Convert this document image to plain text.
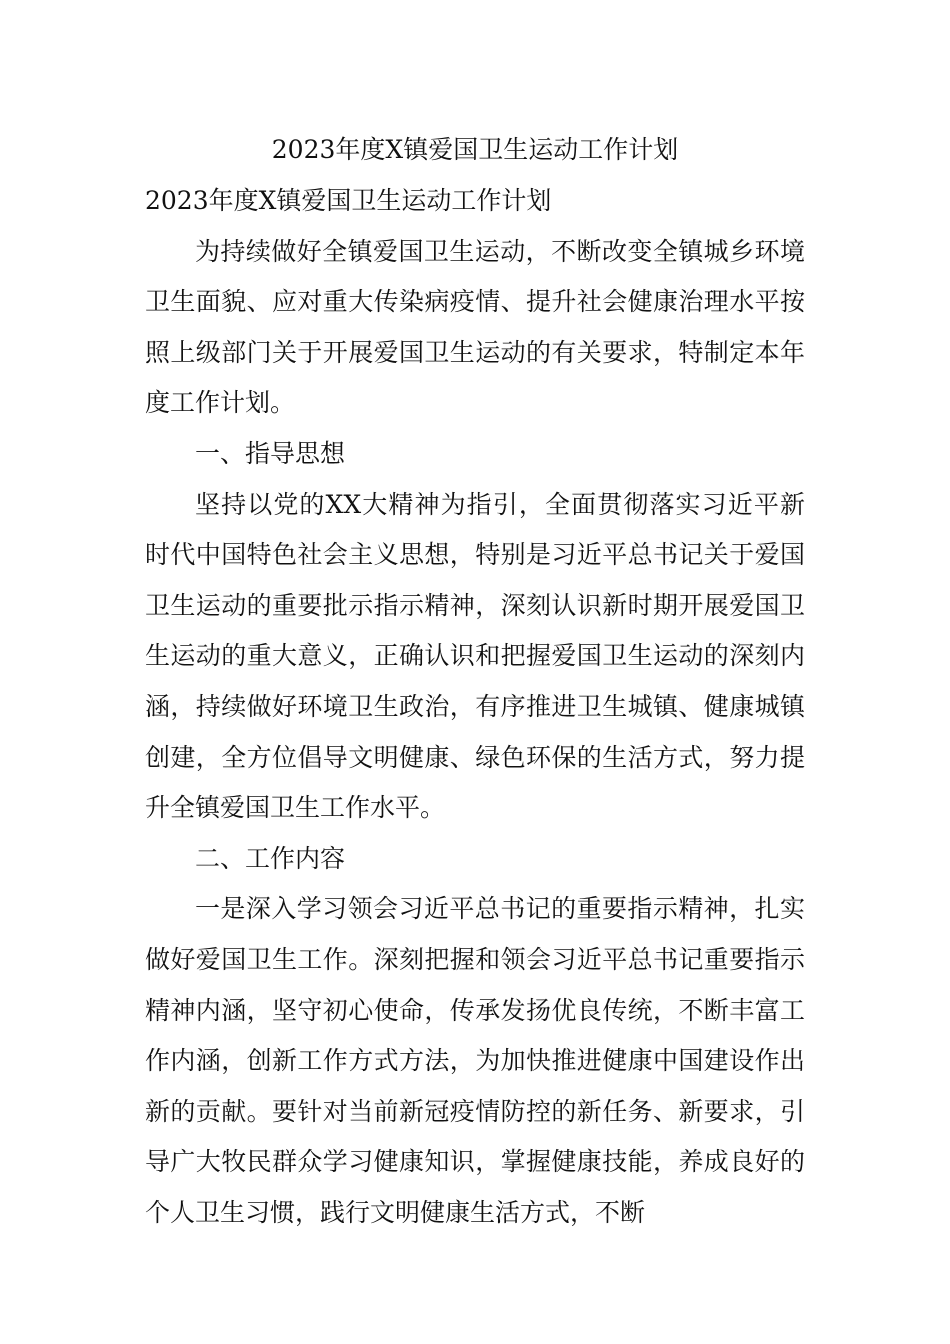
2023年度X镇爱国卫生运动工作计划

2023年度X镇爱国卫生运动工作计划

为持续做好全镇爱国卫生运动，不断改变全镇城乡环境卫生面貌、应对重大传染病疫情、提升社会健康治理水平按照上级部门关于开展爱国卫生运动的有关要求，特制定本年度工作计划。

一、指导思想

坚持以党的XX大精神为指引，全面贯彻落实习近平新时代中国特色社会主义思想，特别是习近平总书记关于爱国卫生运动的重要批示指示精神，深刻认识新时期开展爱国卫生运动的重大意义，正确认识和把握爱国卫生运动的深刻内涵，持续做好环境卫生政治，有序推进卫生城镇、健康城镇创建，全方位倡导文明健康、绿色环保的生活方式，努力提升全镇爱国卫生工作水平。

二、工作内容

一是深入学习领会习近平总书记的重要指示精神，扎实做好爱国卫生工作。深刻把握和领会习近平总书记重要指示精神内涵，坚守初心使命，传承发扬优良传统，不断丰富工作内涵，创新工作方式方法，为加快推进健康中国建设作出新的贡献。要针对当前新冠疫情防控的新任务、新要求，引导广大牧民群众学习健康知识，掌握健康技能，养成良好的个人卫生习惯，践行文明健康生活方式，不断
